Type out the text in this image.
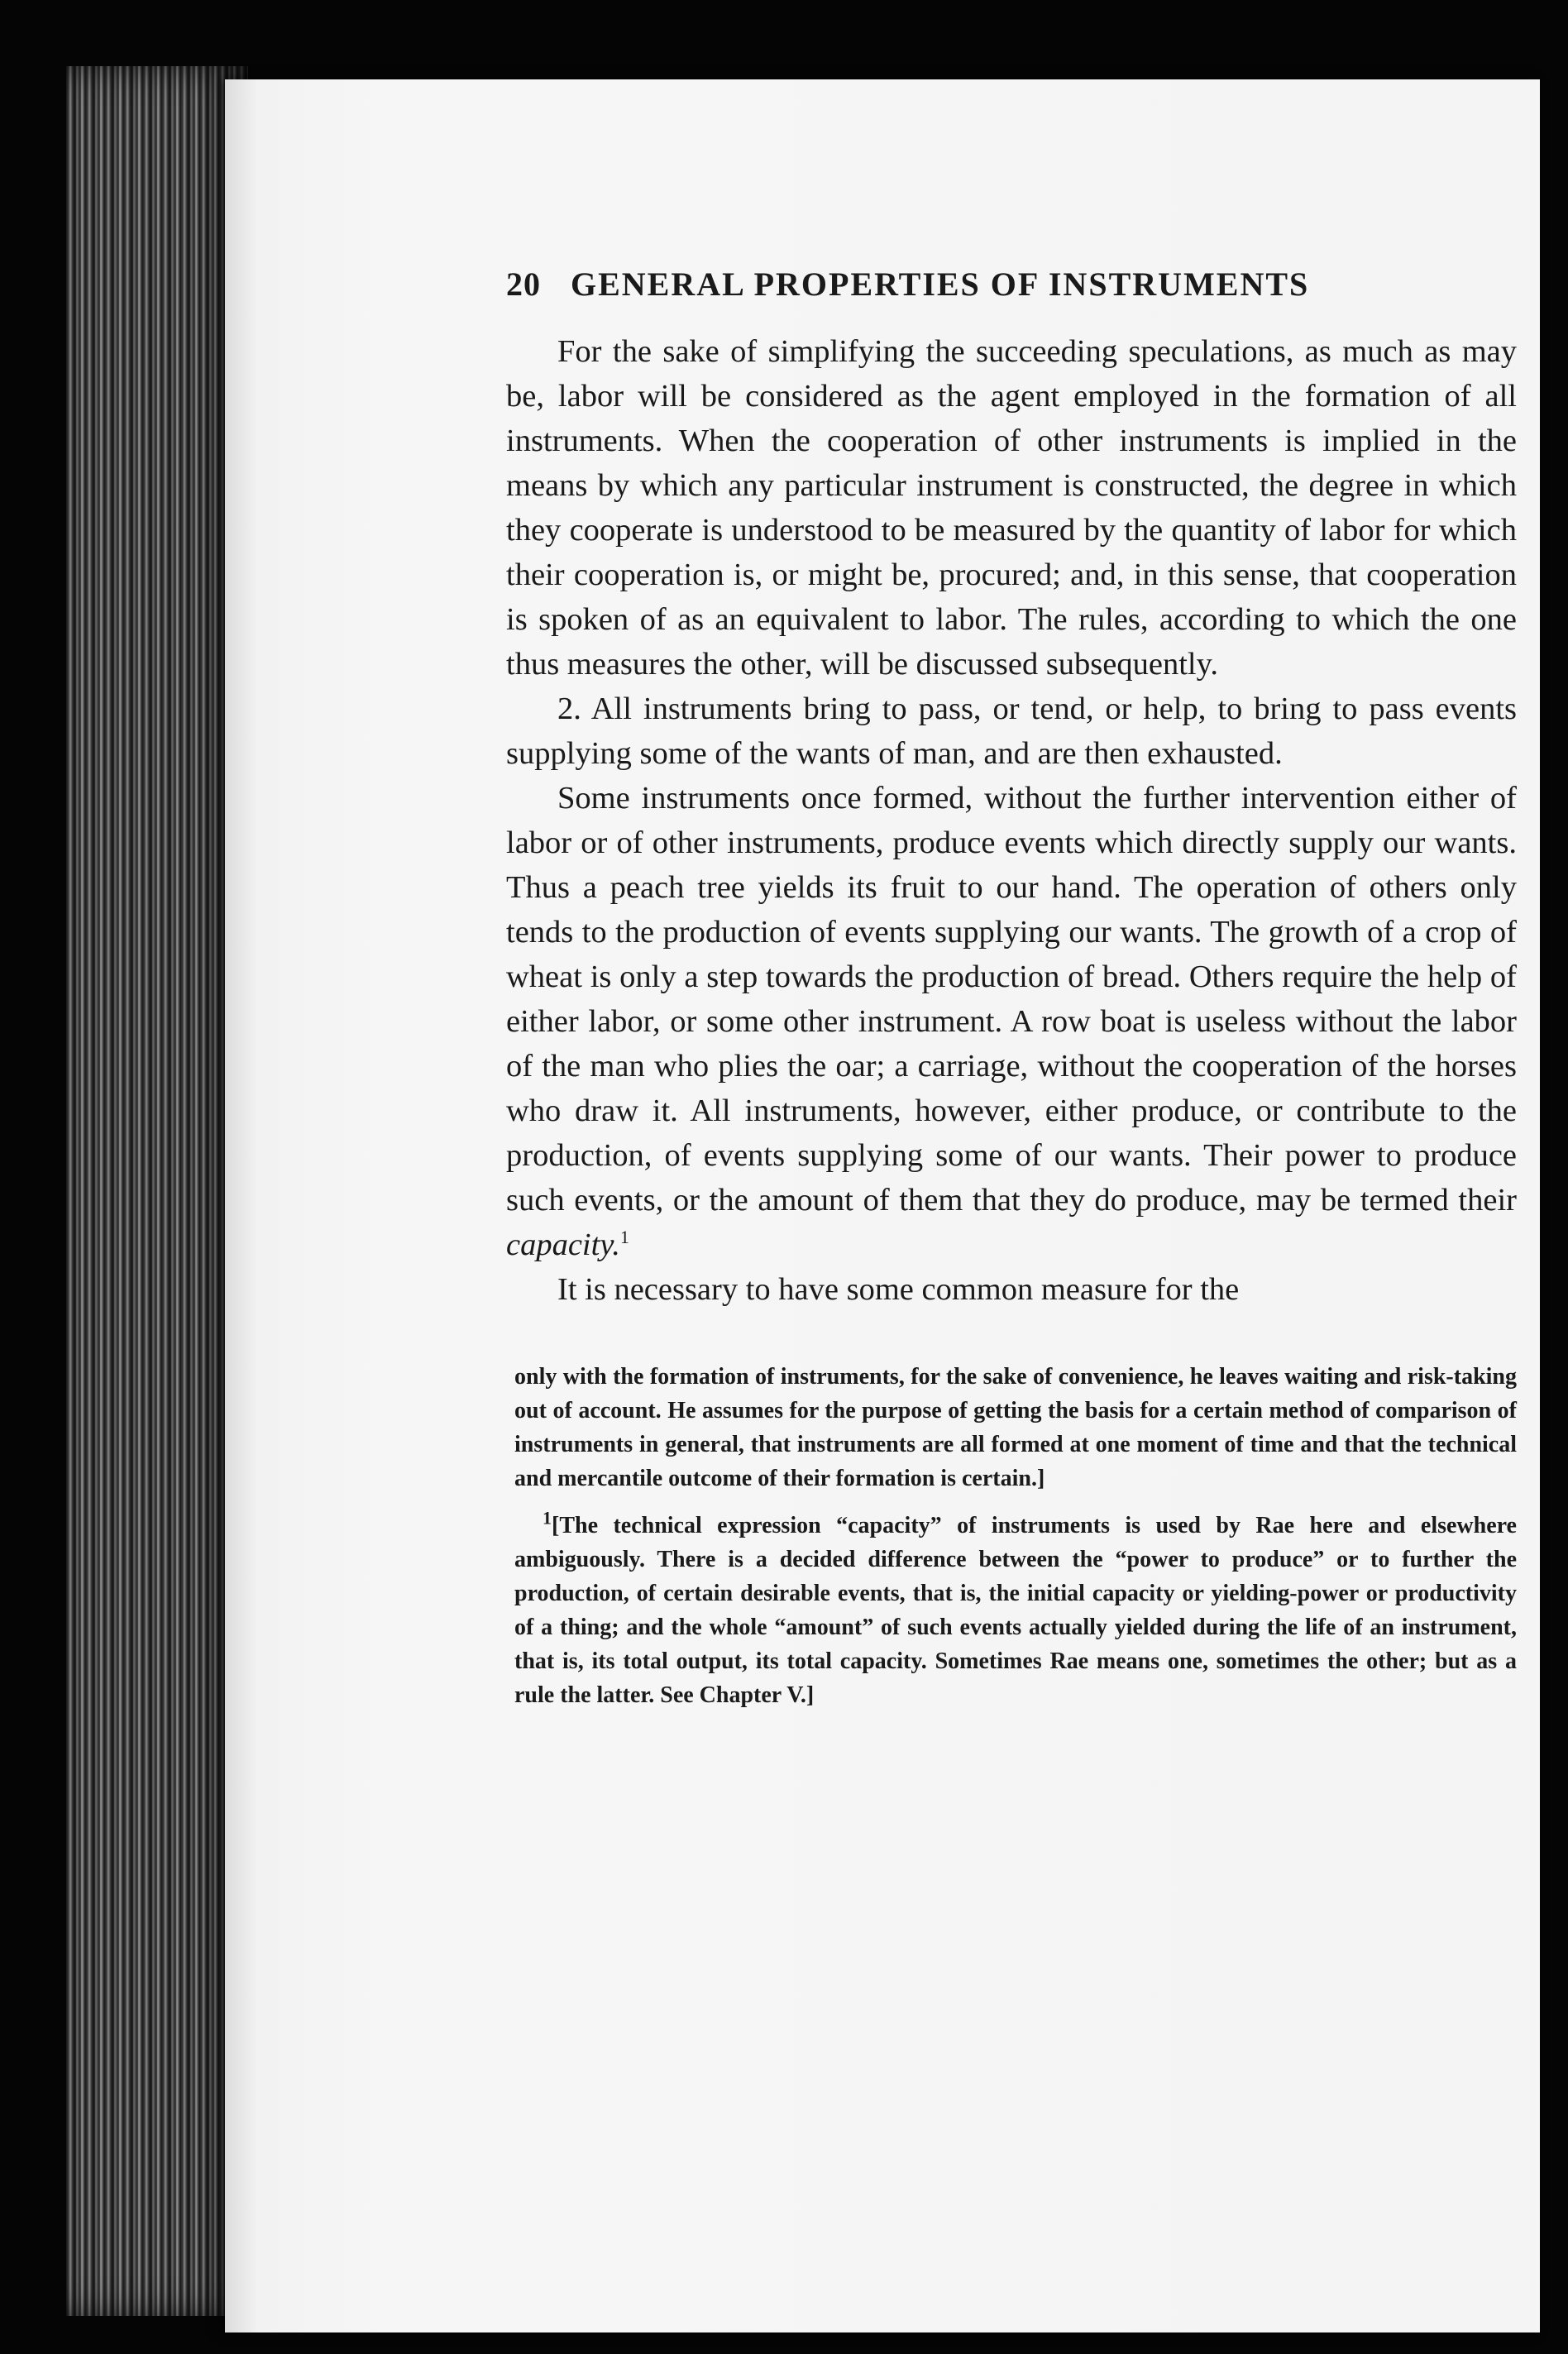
20 GENERAL PROPERTIES OF INSTRUMENTS

For the sake of simplifying the succeeding speculations, as much as may be, labor will be considered as the agent employed in the formation of all instruments. When the cooperation of other instruments is implied in the means by which any particular instrument is constructed, the degree in which they cooperate is understood to be measured by the quantity of labor for which their cooperation is, or might be, procured; and, in this sense, that cooperation is spoken of as an equivalent to labor. The rules, according to which the one thus measures the other, will be discussed subsequently.

2. All instruments bring to pass, or tend, or help, to bring to pass events supplying some of the wants of man, and are then exhausted.

Some instruments once formed, without the further intervention either of labor or of other instruments, produce events which directly supply our wants. Thus a peach tree yields its fruit to our hand. The operation of others only tends to the production of events supplying our wants. The growth of a crop of wheat is only a step towards the production of bread. Others require the help of either labor, or some other instrument. A row boat is useless without the labor of the man who plies the oar; a carriage, without the cooperation of the horses who draw it. All instruments, however, either produce, or contribute to the production, of events supplying some of our wants. Their power to produce such events, or the amount of them that they do produce, may be termed their capacity.$^1$

It is necessary to have some common measure for the

only with the formation of instruments, for the sake of convenience, he leaves waiting and risk-taking out of account. He assumes for the purpose of getting the basis for a certain method of comparison of instruments in general, that instruments are all formed at one moment of time and that the technical and mercantile outcome of their formation is certain.]

$^1$[The technical expression “capacity” of instruments is used by Rae here and elsewhere ambiguously. There is a decided difference between the “power to produce” or to further the production, of certain desirable events, that is, the initial capacity or yielding-power or productivity of a thing; and the whole “amount” of such events actually yielded during the life of an instrument, that is, its total output, its total capacity. Sometimes Rae means one, sometimes the other; but as a rule the latter. See Chapter V.]
